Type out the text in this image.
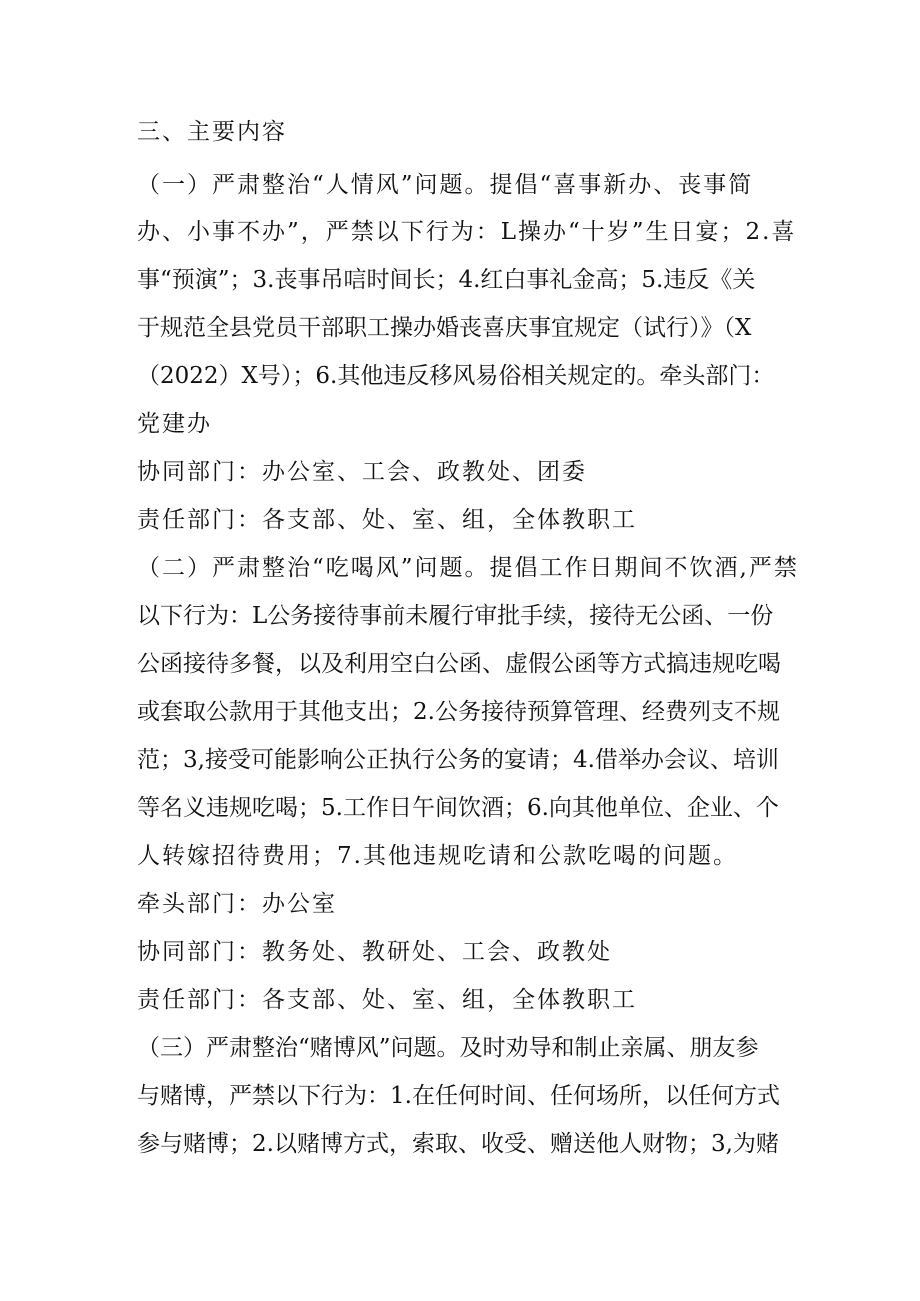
三、主要内容
（一）严肃整治“人情风”问题。提倡“喜事新办、丧事简
办、小事不办”，严禁以下行为：L操办“十岁”生日宴；2.喜
事“预演”；3.丧事吊唁时间长；4.红白事礼金高；5.违反《关
于规范全县党员干部职工操办婚丧喜庆事宜规定（试行）》（X
（2022）X号）；6.其他违反移风易俗相关规定的。牵头部门：
党建办
协同部门：办公室、工会、政教处、团委
责任部门：各支部、处、室、组，全体教职工
（二）严肃整治“吃喝风”问题。提倡工作日期间不饮酒,严禁
以下行为：L公务接待事前未履行审批手续，接待无公函、一份
公函接待多餐，以及利用空白公函、虚假公函等方式搞违规吃喝
或套取公款用于其他支出；2.公务接待预算管理、经费列支不规
范；3,接受可能影响公正执行公务的宴请；4.借举办会议、培训
等名义违规吃喝；5.工作日午间饮酒；6.向其他单位、企业、个
人转嫁招待费用；7.其他违规吃请和公款吃喝的问题。
牵头部门：办公室
协同部门：教务处、教研处、工会、政教处
责任部门：各支部、处、室、组，全体教职工
（三）严肃整治“赌博风”问题。及时劝导和制止亲属、朋友参
与赌博，严禁以下行为：1.在任何时间、任何场所，以任何方式
参与赌博；2.以赌博方式，索取、收受、赠送他人财物；3,为赌
